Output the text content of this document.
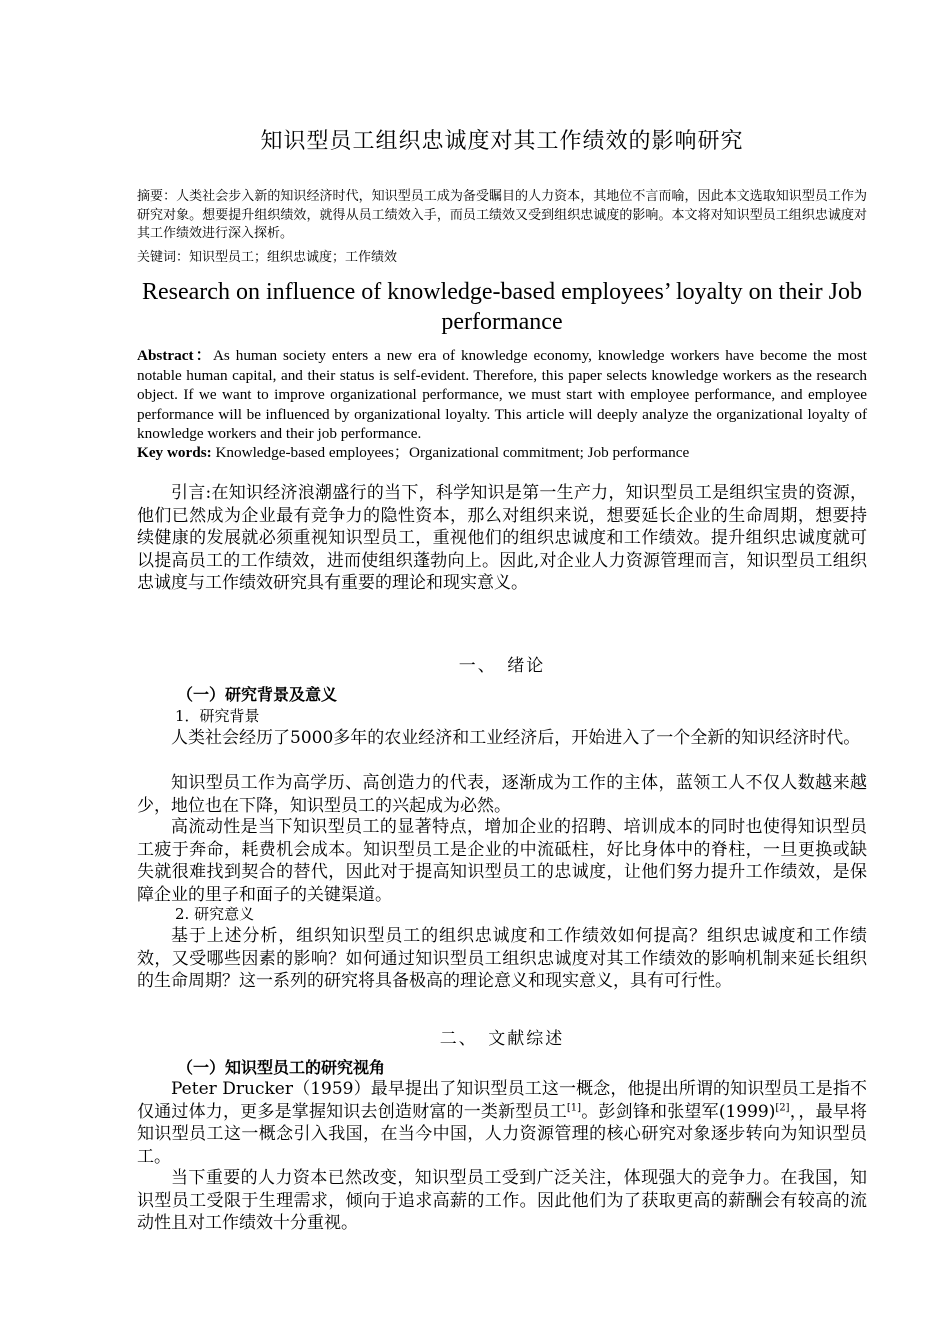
知识型员工组织忠诚度对其工作绩效的影响研究
摘要：人类社会步入新的知识经济时代，知识型员工成为备受瞩目的人力资本，其地位不言而喻，因此本文选取知识型员工作为研究对象。想要提升组织绩效，就得从员工绩效入手，而员工绩效又受到组织忠诚度的影响。本文将对知识型员工组织忠诚度对其工作绩效进行深入探析。
关键词：知识型员工；组织忠诚度；工作绩效
Research on influence of knowledge-based employees’ loyalty on their Job performance
Abstract：As human society enters a new era of knowledge economy, knowledge workers have become the most notable human capital, and their status is self-evident. Therefore, this paper selects knowledge workers as the research object. If we want to improve organizational performance, we must start with employee performance, and employee performance will be influenced by organizational loyalty. This article will deeply analyze the organizational loyalty of knowledge workers and their job performance.
Key words: Knowledge-based employees；Organizational commitment; Job performance
引言:在知识经济浪潮盛行的当下，科学知识是第一生产力，知识型员工是组织宝贵的资源，他们已然成为企业最有竞争力的隐性资本，那么对组织来说，想要延长企业的生命周期，想要持续健康的发展就必须重视知识型员工，重视他们的组织忠诚度和工作绩效。提升组织忠诚度就可以提高员工的工作绩效，进而使组织蓬勃向上。因此,对企业人力资源管理而言，知识型员工组织忠诚度与工作绩效研究具有重要的理论和现实意义。
一、　绪论
（一）研究背景及意义
1．研究背景
人类社会经历了5000多年的农业经济和工业经济后，开始进入了一个全新的知识经济时代。
知识型员工作为高学历、高创造力的代表，逐渐成为工作的主体，蓝领工人不仅人数越来越少，地位也在下降，知识型员工的兴起成为必然。
高流动性是当下知识型员工的显著特点，增加企业的招聘、培训成本的同时也使得知识型员工疲于奔命，耗费机会成本。知识型员工是企业的中流砥柱，好比身体中的脊柱，一旦更换或缺失就很难找到契合的替代，因此对于提高知识型员工的忠诚度，让他们努力提升工作绩效，是保障企业的里子和面子的关键渠道。
2. 研究意义
基于上述分析，组织知识型员工的组织忠诚度和工作绩效如何提高？组织忠诚度和工作绩效，又受哪些因素的影响？如何通过知识型员工组织忠诚度对其工作绩效的影响机制来延长组织的生命周期？这一系列的研究将具备极高的理论意义和现实意义，具有可行性。
二、　文献综述
（一）知识型员工的研究视角
Peter Drucker（1959）最早提出了知识型员工这一概念，他提出所谓的知识型员工是指不仅通过体力，更多是掌握知识去创造财富的一类新型员工[1]。彭剑锋和张望军(1999)[2]，，最早将知识型员工这一概念引入我国，在当今中国，人力资源管理的核心研究对象逐步转向为知识型员工。
当下重要的人力资本已然改变，知识型员工受到广泛关注，体现强大的竞争力。在我国，知识型员工受限于生理需求，倾向于追求高薪的工作。因此他们为了获取更高的薪酬会有较高的流动性且对工作绩效十分重视。
